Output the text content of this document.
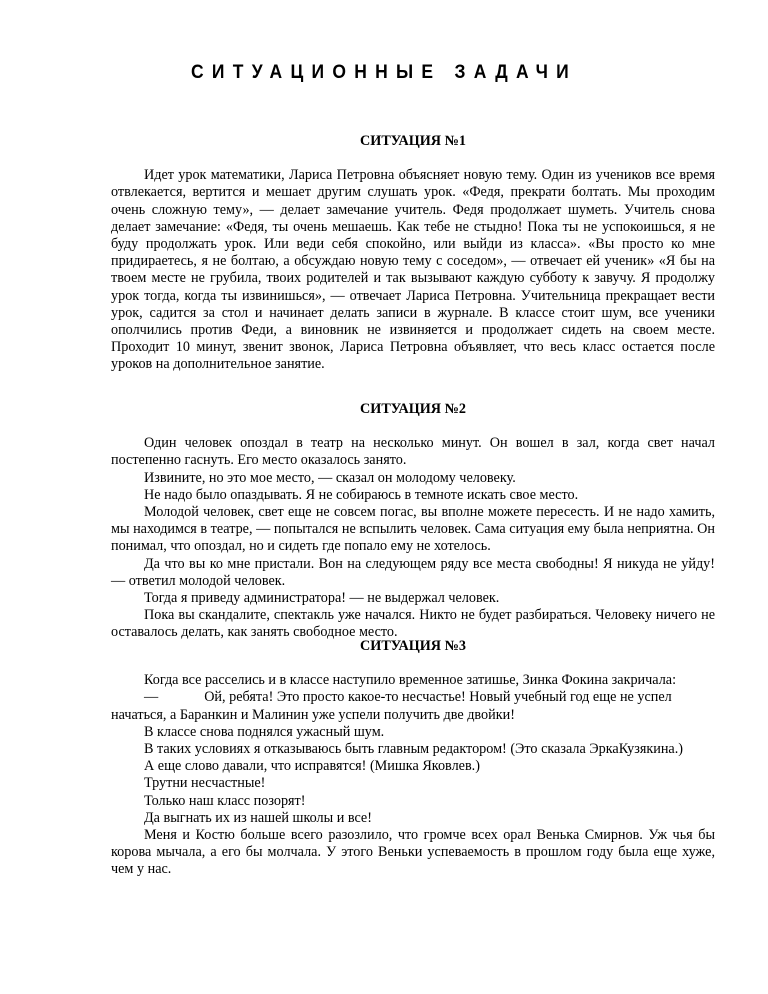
СИТУАЦИОННЫЕ ЗАДАЧИ
СИТУАЦИЯ №1

Идет урок математики, Лариса Петровна объясняет новую тему. Один из учеников все время отвлекается, вертится и мешает другим слушать урок. «Федя, прекрати болтать. Мы проходим очень сложную тему», — делает замечание учитель. Федя продолжает шуметь. Учитель снова делает замечание: «Федя, ты очень мешаешь. Как тебе не стыдно! Пока ты не успокоишься, я не буду продолжать урок. Или веди себя спокойно, или выйди из класса». «Вы просто ко мне придираетесь, я не болтаю, а обсуждаю новую тему с соседом», — отвечает ей ученик» «Я бы на твоем месте не грубила, твоих родителей и так вызывают каждую субботу к завучу. Я продолжу урок тогда, когда ты извинишься», — отвечает Лариса Петровна. Учительница прекращает вести урок, садится за стол и начинает делать записи в журнале. В классе стоит шум, все ученики ополчились против Феди, а виновник не извиняется и продолжает сидеть на своем месте. Проходит 10 минут, звенит звонок, Лариса Петровна объявляет, что весь класс остается после уроков на дополнительное занятие.

СИТУАЦИЯ №2

Один человек опоздал в театр на несколько минут. Он вошел в зал, когда свет начал постепенно гаснуть. Его место оказалось занято.

Извините, но это мое место, — сказал он молодому человеку.

Не надо было опаздывать. Я не собираюсь в темноте искать свое место.

Молодой человек, свет еще не совсем погас, вы вполне можете пересесть. И не надо хамить, мы находимся в театре, — попытался не вспылить человек. Сама ситуация ему была неприятна. Он понимал, что опоздал, но и сидеть где попало ему не хотелось.

Да что вы ко мне пристали. Вон на следующем ряду все места свободны! Я никуда не уйду! — ответил молодой человек.

Тогда я приведу администратора! — не выдержал человек.

Пока вы скандалите, спектакль уже начался. Никто не будет разбираться. Человеку ничего не оставалось делать, как занять свободное место.

СИТУАЦИЯ №3

Когда все расселись и в классе наступило временное затишье, Зинка Фокина закричала:

—	Ой, ребята! Это просто какое-то несчастье! Новый учебный год еще не успел

начаться, а Баранкин и Малинин уже успели получить две двойки!

В классе снова поднялся ужасный шум.

В таких условиях я отказываюсь быть главным редактором! (Это сказала ЭркаКузякина.)

А еще слово давали, что исправятся! (Мишка Яковлев.)

Трутни несчастные!

Только наш класс позорят!

Да выгнать их из нашей школы и все!

Меня и Костю больше всего разозлило, что громче всех орал Венька Смирнов. Уж чья бы корова мычала, а его бы молчала. У этого Веньки успеваемость в прошлом году была еще хуже, чем у нас.
